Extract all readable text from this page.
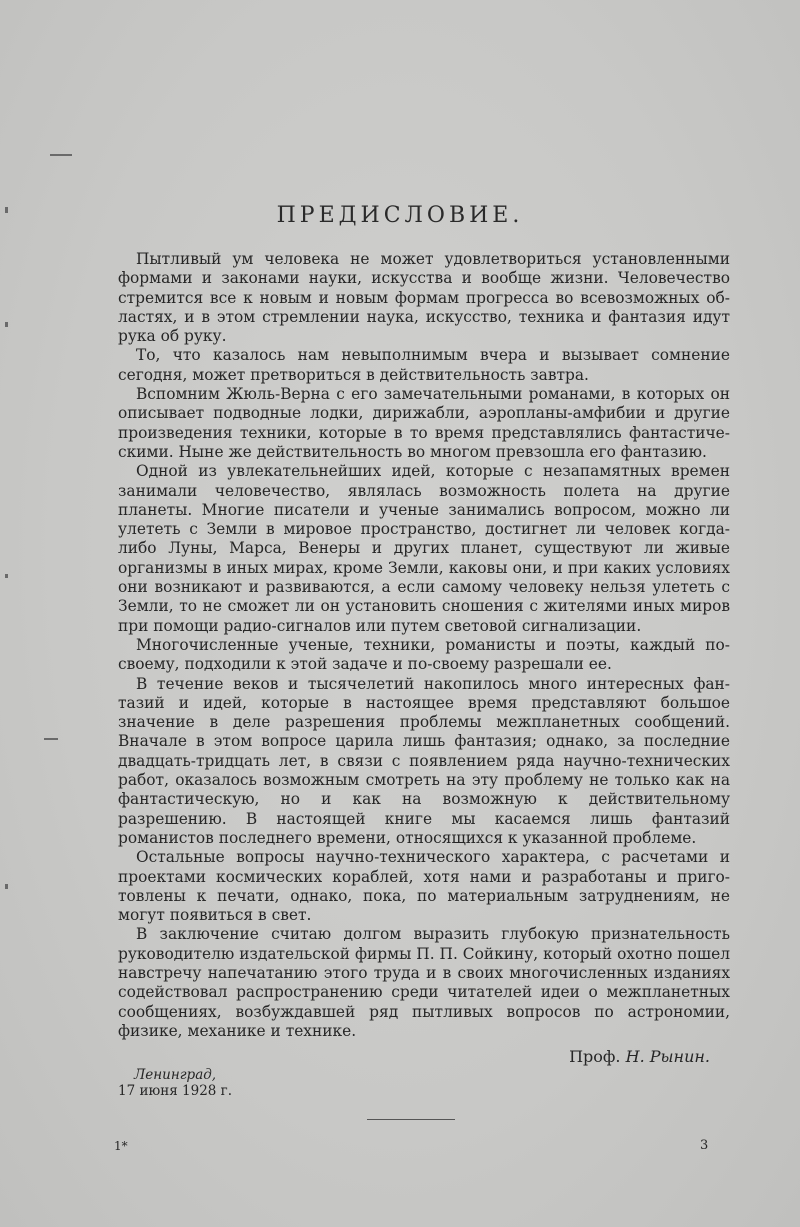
ПРЕДИСЛОВИЕ.

Пытливый ум человека не может удовлетвориться установленными формами и законами науки, искусства и вообще жизни. Человечество стремится все к новым и новым формам прогресса во всевозможных областях, и в этом стремлении наука, искусство, техника и фантазия идут рука об руку.

То, что казалось нам невыполнимым вчера и вызывает сомнение сегодня, может претвориться в действительность завтра.

Вспомним Жюль-Верна с его замечательными романами, в которых он описывает подводные лодки, дирижабли, аэропланы-амфибии и другие произведения техники, которые в то время представлялись фантастическими. Ныне же действительность во многом превзошла его фантазию.

Одной из увлекательнейших идей, которые с незапамятных времен занимали человечество, являлась возможность полета на другие планеты. Многие писатели и ученые занимались вопросом, можно ли улететь с Земли в мировое пространство, достигнет ли человек когда-либо Луны, Марса, Венеры и других планет, существуют ли живые организмы в иных мирах, кроме Земли, каковы они, и при каких условиях они возникают и развиваются, а если самому человеку нельзя улететь с Земли, то не сможет ли он установить сношения с жителями иных миров при помощи радио-сигналов или путем световой сигнализации.

Многочисленные ученые, техники, романисты и поэты, каждый по-своему, подходили к этой задаче и по-своему разрешали ее.

В течение веков и тысячелетий накопилось много интересных фантазий и идей, которые в настоящее время представляют большое значение в деле разрешения проблемы межпланетных сообщений. Вначале в этом вопросе царила лишь фантазия; однако, за последние двадцать-тридцать лет, в связи с появлением ряда научно-технических работ, оказалось возможным смотреть на эту проблему не только как на фантастическую, но и как на возможную к действительному разрешению. В настоящей книге мы касаемся лишь фантазий романистов последнего времени, относящихся к указанной проблеме.

Остальные вопросы научно-технического характера, с расчетами и проектами космических кораблей, хотя нами и разработаны и приготовлены к печати, однако, пока, по материальным затруднениям, не могут появиться в свет.

В заключение считаю долгом выразить глубокую признательность руководителю издательской фирмы П. П. Сойкину, который охотно пошел навстречу напечатанию этого труда и в своих многочисленных изданиях содействовал распространению среди читателей идеи о межпланетных сообщениях, возбуждавшей ряд пытливых вопросов по астрономии, физике, механике и технике.

Проф. Н. Рынин.
Ленинград,
17 июня 1928 г.
1*	3
